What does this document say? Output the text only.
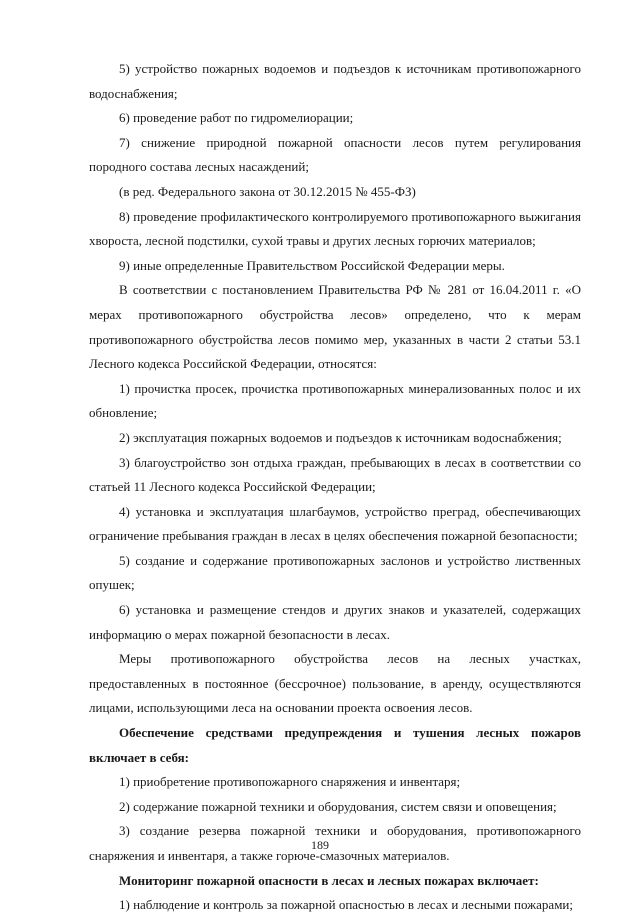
5) устройство пожарных водоемов и подъездов к источникам противопожарного водоснабжения;

6) проведение работ по гидромелиорации;

7) снижение природной пожарной опасности лесов путем регулирования породного состава лесных насаждений;

(в ред. Федерального закона от 30.12.2015 № 455-ФЗ)

8) проведение профилактического контролируемого противопожарного выжигания хвороста, лесной подстилки, сухой травы и других лесных горючих материалов;

9) иные определенные Правительством Российской Федерации меры.

В соответствии с постановлением Правительства РФ № 281 от 16.04.2011 г. «О мерах противопожарного обустройства лесов» определено, что к мерам противопожарного обустройства лесов помимо мер, указанных в части 2 статьи 53.1 Лесного кодекса Российской Федерации, относятся:

1) прочистка просек, прочистка противопожарных минерализованных полос и их обновление;

2) эксплуатация пожарных водоемов и подъездов к источникам водоснабжения;

3) благоустройство зон отдыха граждан, пребывающих в лесах в соответствии со статьей 11 Лесного кодекса Российской Федерации;

4) установка и эксплуатация шлагбаумов, устройство преград, обеспечивающих ограничение пребывания граждан в лесах в целях обеспечения пожарной безопасности;

5) создание и содержание противопожарных заслонов и устройство лиственных опушек;

6) установка и размещение стендов и других знаков и указателей, содержащих информацию о мерах пожарной безопасности в лесах.

Меры противопожарного обустройства лесов на лесных участках, предоставленных в постоянное (бессрочное) пользование, в аренду, осуществляются лицами, использующими леса на основании проекта освоения лесов.

Обеспечение средствами предупреждения и тушения лесных пожаров включает в себя:

1) приобретение противопожарного снаряжения и инвентаря;

2) содержание пожарной техники и оборудования, систем связи и оповещения;

3) создание резерва пожарной техники и оборудования, противопожарного снаряжения и инвентаря, а также горюче-смазочных материалов.

Мониторинг пожарной опасности в лесах и лесных пожарах включает:

1) наблюдение и контроль за пожарной опасностью в лесах и лесными пожарами;

189
